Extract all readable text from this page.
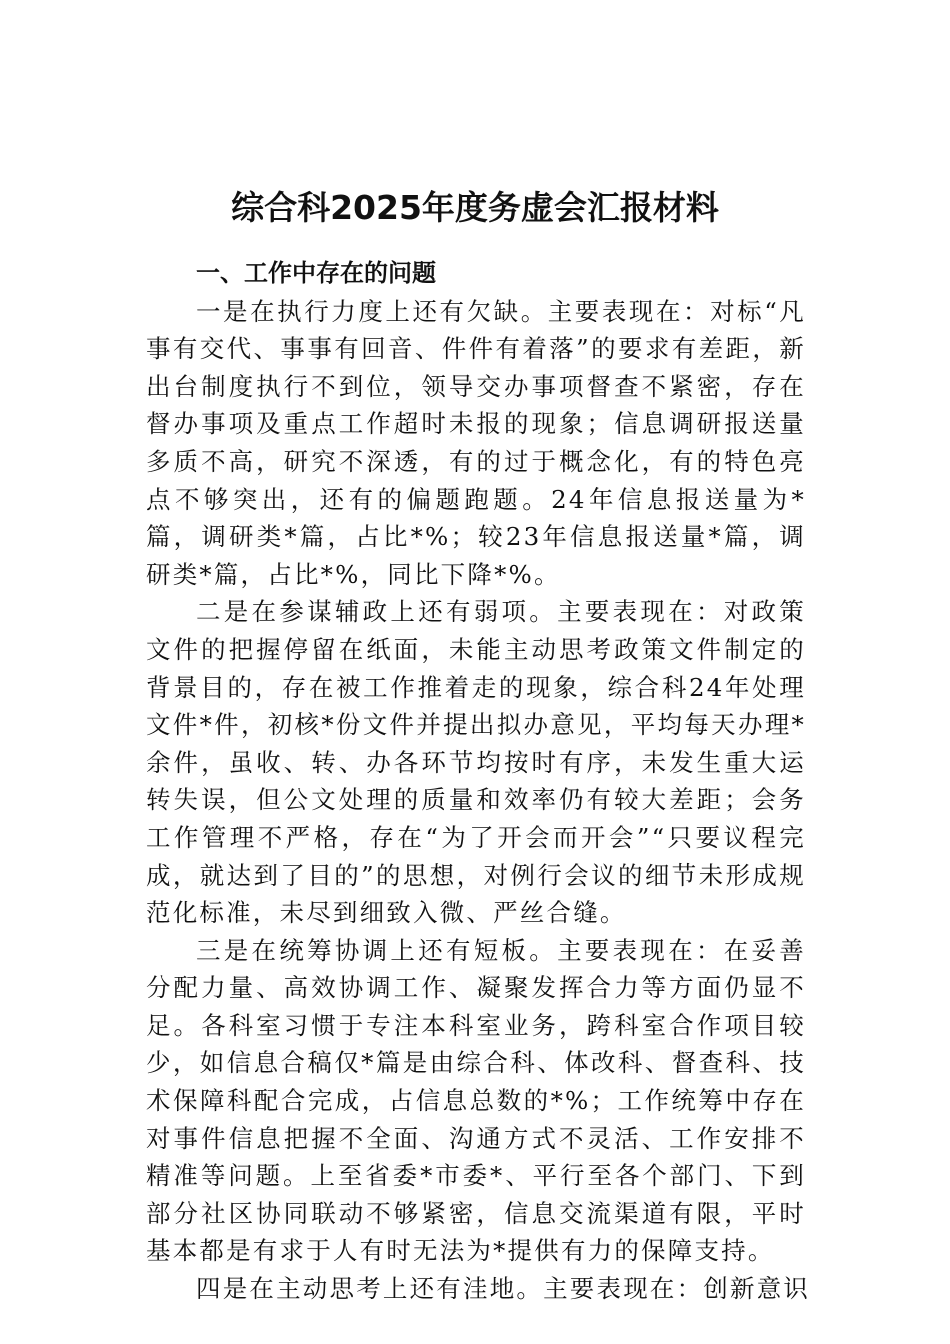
综合科2025年度务虚会汇报材料

一、工作中存在的问题

一是在执行力度上还有欠缺。主要表现在：对标“凡事有交代、事事有回音、件件有着落”的要求有差距，新出台制度执行不到位，领导交办事项督查不紧密，存在督办事项及重点工作超时未报的现象；信息调研报送量多质不高，研究不深透，有的过于概念化，有的特色亮点不够突出，还有的偏题跑题。24年信息报送量为*篇，调研类*篇，占比*%；较23年信息报送量*篇，调研类*篇，占比*%，同比下降*%。

二是在参谋辅政上还有弱项。主要表现在：对政策文件的把握停留在纸面，未能主动思考政策文件制定的背景目的，存在被工作推着走的现象，综合科24年处理文件*件，初核*份文件并提出拟办意见，平均每天办理*余件，虽收、转、办各环节均按时有序，未发生重大运转失误，但公文处理的质量和效率仍有较大差距；会务工作管理不严格，存在“为了开会而开会”“只要议程完成，就达到了目的”的思想，对例行会议的细节未形成规范化标准，未尽到细致入微、严丝合缝。

三是在统筹协调上还有短板。主要表现在：在妥善分配力量、高效协调工作、凝聚发挥合力等方面仍显不足。各科室习惯于专注本科室业务，跨科室合作项目较少，如信息合稿仅*篇是由综合科、体改科、督查科、技术保障科配合完成，占信息总数的*%；工作统筹中存在对事件信息把握不全面、沟通方式不灵活、工作安排不精准等问题。上至省委*市委*、平行至各个部门、下到部分社区协同联动不够紧密，信息交流渠道有限，平时基本都是有求于人有时无法为*提供有力的保障支持。

四是在主动思考上还有洼地。主要表现在：创新意识
